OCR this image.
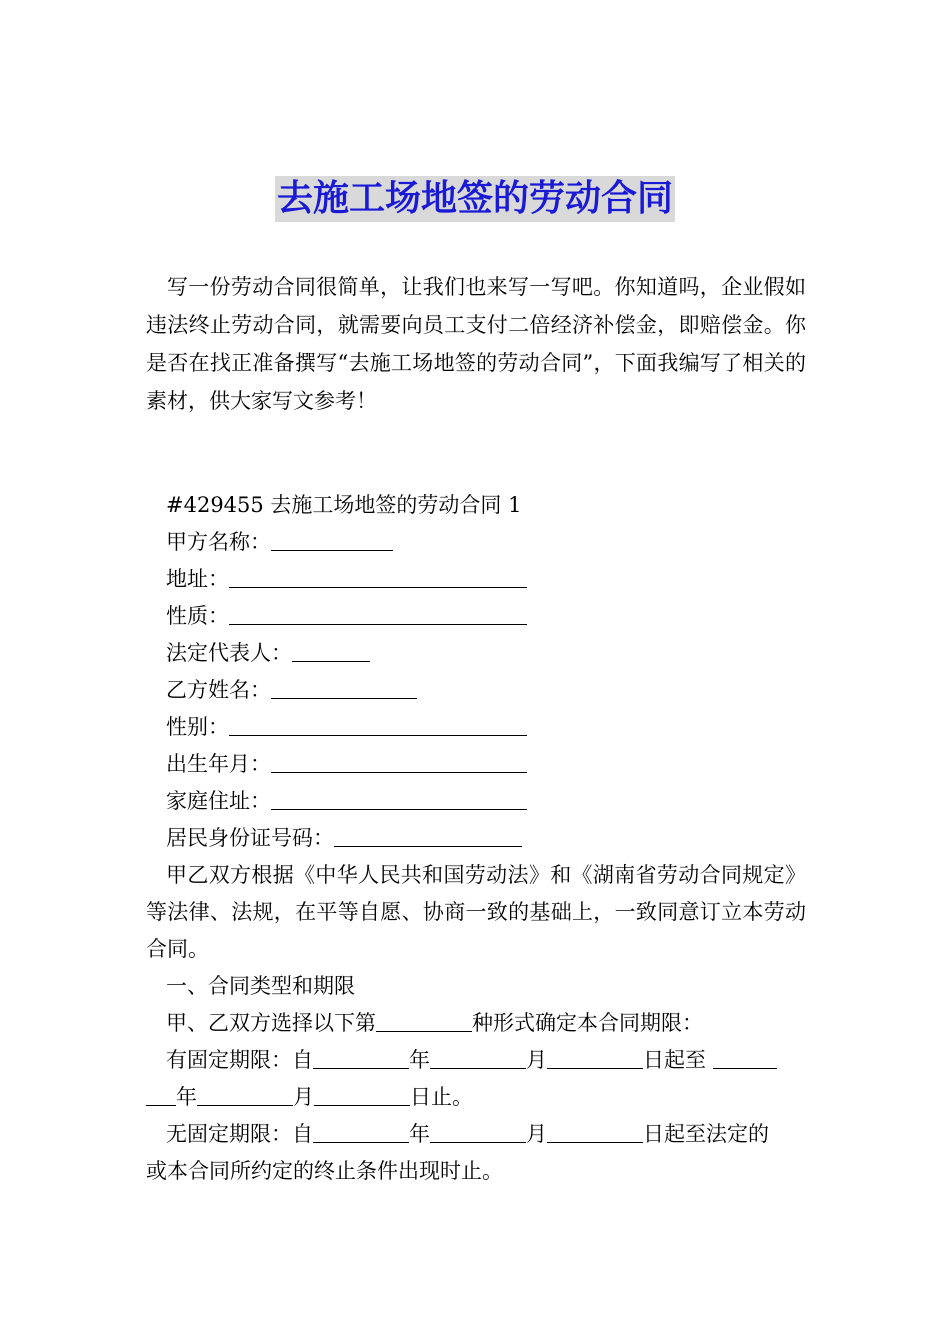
去施工场地签的劳动合同

写一份劳动合同很简单，让我们也来写一写吧。你知道吗，企业假如违法终止劳动合同，就需要向员工支付二倍经济补偿金，即赔偿金。你是否在找正准备撰写“去施工场地签的劳动合同”，下面我编写了相关的素材，供大家写文参考！

#429455 去施工场地签的劳动合同 1

甲方名称：

地址：

性质：

法定代表人：

乙方姓名：

性别：

出生年月：

家庭住址：

居民身份证号码：

甲乙双方根据《中华人民共和国劳动法》和《湖南省劳动合同规定》等法律、法规，在平等自愿、协商一致的基础上，一致同意订立本劳动合同。

一、合同类型和期限

甲、乙双方选择以下第	种形式确定本合同期限：

有固定期限：自	年	月	日起至
年	月	日止。

无固定期限：自	年	月	日起至法定的
或本合同所约定的终止条件出现时止。
